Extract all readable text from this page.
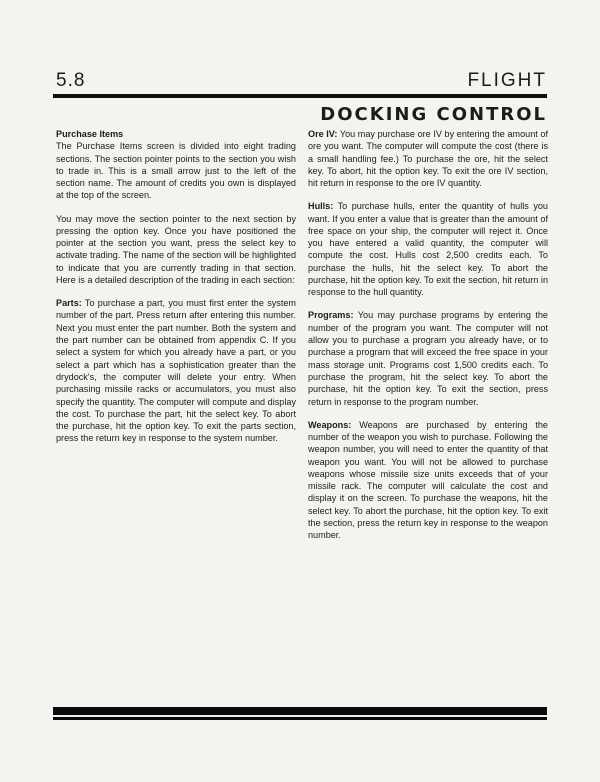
5.8	FLIGHT
DOCKING CONTROL

Purchase Items
The Purchase Items screen is divided into eight trading sections. The section pointer points to the section you wish to trade in. This is a small arrow just to the left of the section name. The amount of credits you own is displayed at the top of the screen.

You may move the section pointer to the next section by pressing the option key. Once you have positioned the pointer at the section you want, press the select key to activate trading. The name of the section will be highlighted to indicate that you are currently trading in that section. Here is a detailed description of the trading in each section:

Parts: To purchase a part, you must first enter the system number of the part. Press return after entering this number. Next you must enter the part number. Both the system and the part number can be obtained from appendix C. If you select a system for which you already have a part, or you select a part which has a sophistication greater than the drydock's, the computer will delete your entry. When purchasing missile racks or accumulators, you must also specify the quantity. The computer will compute and display the cost. To purchase the part, hit the select key. To abort the purchase, hit the option key. To exit the parts section, press the return key in response to the system number.

Ore IV: You may purchase ore IV by entering the amount of ore you want. The computer will compute the cost (there is a small handling fee.) To purchase the ore, hit the select key. To abort, hit the option key. To exit the ore IV section, hit return in response to the ore IV quantity.

Hulls: To purchase hulls, enter the quantity of hulls you want. If you enter a value that is greater than the amount of free space on your ship, the computer will reject it. Once you have entered a valid quantity, the computer will compute the cost. Hulls cost 2,500 credits each. To purchase the hulls, hit the select key. To abort the purchase, hit the option key. To exit the section, hit return in response to the hull quantity.

Programs: You may purchase programs by entering the number of the program you want. The computer will not allow you to purchase a program you already have, or to purchase a program that will exceed the free space in your mass storage unit. Programs cost 1,500 credits each. To purchase the program, hit the select key. To abort the purchase, hit the option key. To exit the section, press return in response to the program number.

Weapons: Weapons are purchased by entering the number of the weapon you wish to purchase. Following the weapon number, you will need to enter the quantity of that weapon you want. You will not be allowed to purchase weapons whose missile size units exceeds that of your missile rack. The computer will calculate the cost and display it on the screen. To purchase the weapons, hit the select key. To abort the purchase, hit the option key. To exit the section, press the return key in response to the weapon number.
